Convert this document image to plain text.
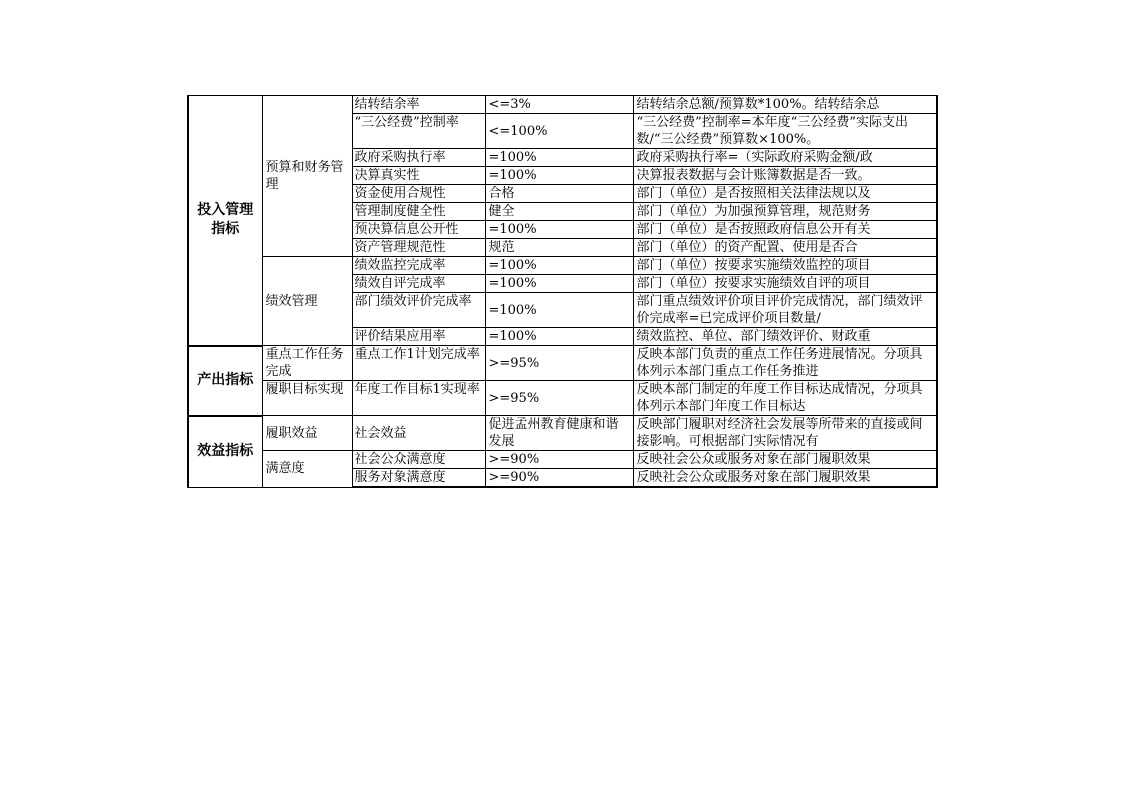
投入管理指标	预算和财务管理	结转结余率	<=3%	结转结余总额/预算数*100%。结转结余总

		“三公经费”控制率	<=100%	“三公经费”控制率=本年度“三公经费”实际支出数/“三公经费”预算数×100%。

		政府采购执行率	=100%	政府采购执行率=（实际政府采购金额/政

		决算真实性	=100%	决算报表数据与会计账簿数据是否一致。

		资金使用合规性	合格	部门（单位）是否按照相关法律法规以及

		管理制度健全性	健全	部门（单位）为加强预算管理，规范财务

		预决算信息公开性	=100%	部门（单位）是否按照政府信息公开有关

		资产管理规范性	规范	部门（单位）的资产配置、使用是否合

	绩效管理	绩效监控完成率	=100%	部门（单位）按要求实施绩效监控的项目

		绩效自评完成率	=100%	部门（单位）按要求实施绩效自评的项目

		部门绩效评价完成率	=100%	部门重点绩效评价项目评价完成情况，部门绩效评价完成率=已完成评价项目数量/

		评价结果应用率	=100%	绩效监控、单位、部门绩效评价、财政重

产出指标	重点工作任务完成	重点工作1计划完成率	>=95%	反映本部门负责的重点工作任务进展情况。分项具体列示本部门重点工作任务推进

	履职目标实现	年度工作目标1实现率	>=95%	反映本部门制定的年度工作目标达成情况，分项具体列示本部门年度工作目标达

效益指标	履职效益	社会效益	促进孟州教育健康和谐发展	反映部门履职对经济社会发展等所带来的直接或间接影响。可根据部门实际情况有

	满意度	社会公众满意度	>=90%	反映社会公众或服务对象在部门履职效果

		服务对象满意度	>=90%	反映社会公众或服务对象在部门履职效果
